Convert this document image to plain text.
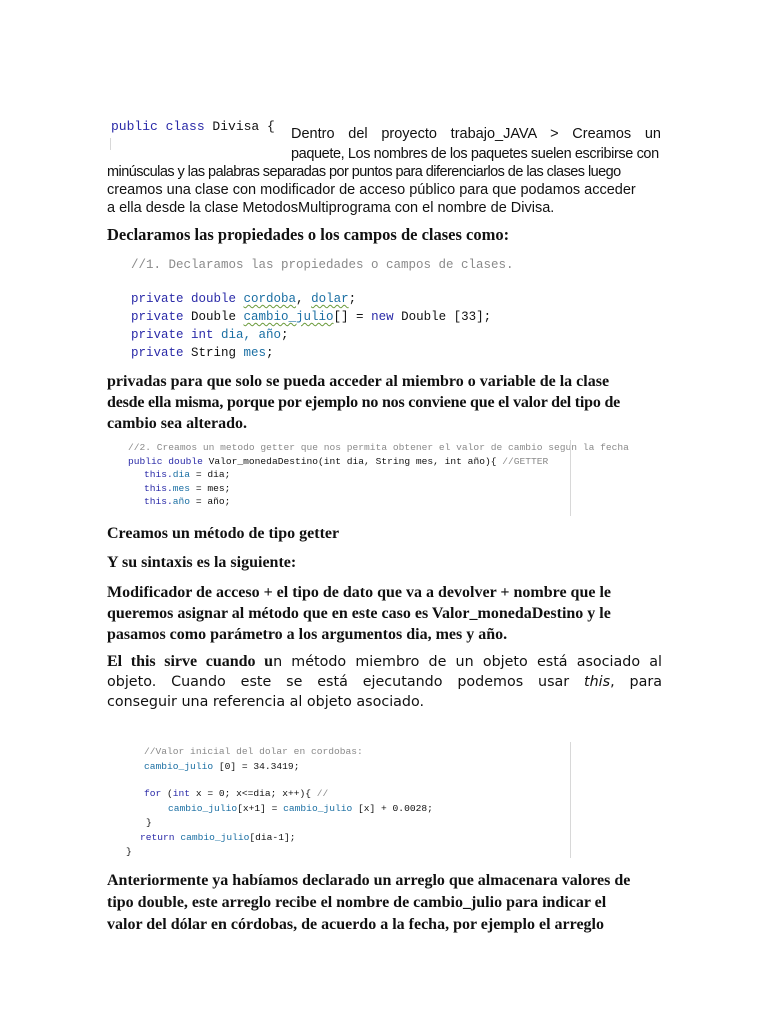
public class Divisa { Dentro del proyecto trabajo_JAVA > Creamos un
paquete, Los nombres de los paquetes suelen escribirse con
minúsculas y las palabras separadas por puntos para diferenciarlos de las clases luego
creamos una clase con modificador de acceso público para que podamos acceder
a ella desde la clase MetodosMultiprograma con el nombre de Divisa.
Declaramos las propiedades o los campos de clases como:
//1. Declaramos las propiedades o campos de clases.
private double cordoba, dolar;
private Double cambio_julio[] = new Double [33];
private int dia, año;
private String mes;
privadas para que solo se pueda acceder al miembro o variable de la clase
desde ella misma, porque por ejemplo no nos conviene que el valor del tipo de
cambio sea alterado.
//2. Creamos un metodo getter que nos permita obtener el valor de cambio segun la fecha
public double Valor_monedaDestino(int dia, String mes, int año){ //GETTER
this.dia = dia;
this.mes = mes;
this.año = año;
Creamos un método de tipo getter
Y su sintaxis es la siguiente:
Modificador de acceso + el tipo de dato que va a devolver + nombre que le
queremos asignar al método que en este caso es Valor_monedaDestino y le
pasamos como parámetro a los argumentos dia, mes y año.
El this sirve cuando un método miembro de un objeto está asociado al
objeto. Cuando este se está ejecutando podemos usar this, para
conseguir una referencia al objeto asociado.
//Valor inicial del dolar en cordobas:
cambio_julio [0] = 34.3419;
for (int x = 0; x<=dia; x++){ //
cambio_julio[x+1] = cambio_julio [x] + 0.0028;
}
return cambio_julio[dia-1];
}
Anteriormente ya habíamos declarado un arreglo que almacenara valores de
tipo double, este arreglo recibe el nombre de cambio_julio para indicar el
valor del dólar en córdobas, de acuerdo a la fecha, por ejemplo el arreglo
